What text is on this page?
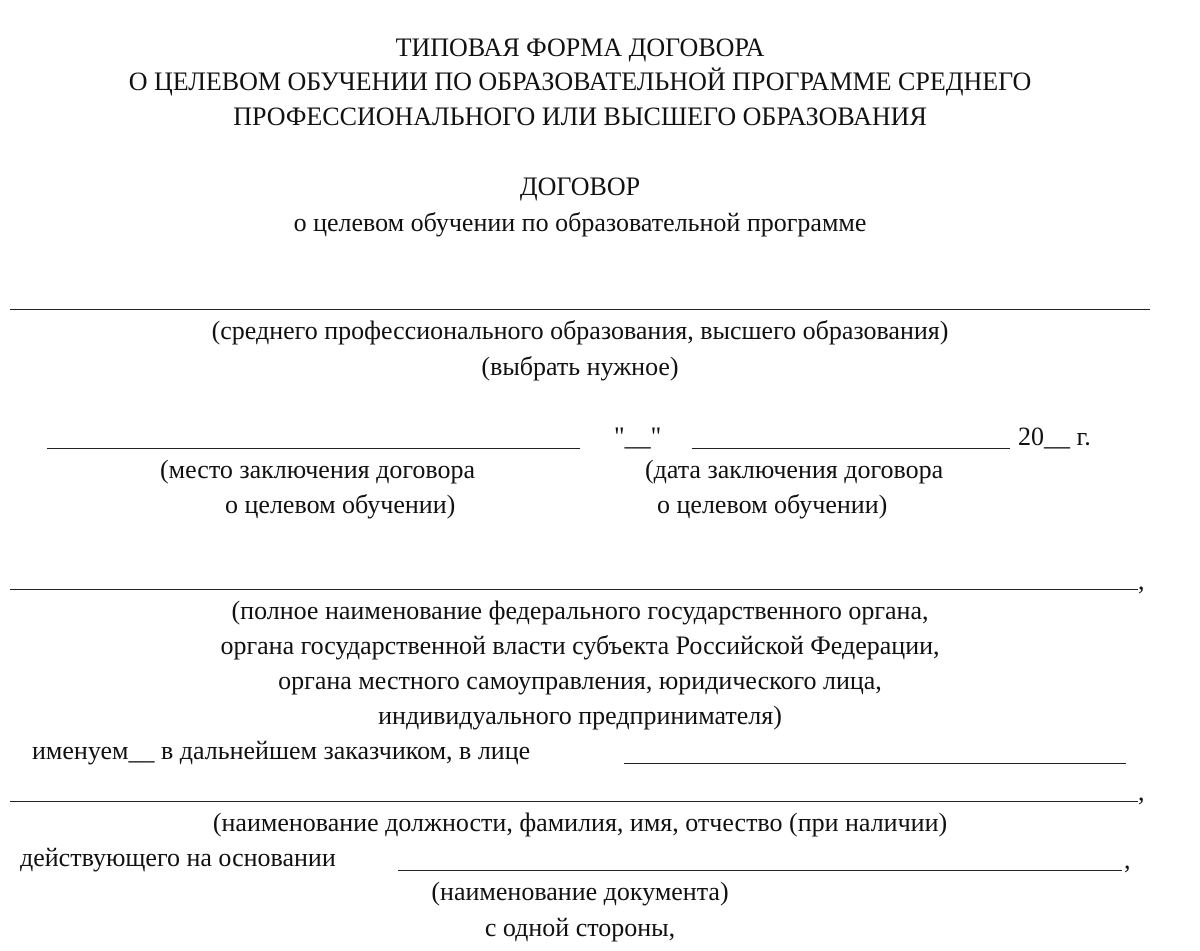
ТИПОВАЯ ФОРМА ДОГОВОРА
О ЦЕЛЕВОМ ОБУЧЕНИИ ПО ОБРАЗОВАТЕЛЬНОЙ ПРОГРАММЕ СРЕДНЕГО
ПРОФЕССИОНАЛЬНОГО ИЛИ ВЫСШЕГО ОБРАЗОВАНИЯ
ДОГОВОР
о целевом обучении по образовательной программе
(среднего профессионального образования, высшего образования)
(выбрать нужное)
"__"	20__ г.
(место заключения договора
о целевом обучении)
(дата заключения договора
о целевом обучении)
,
(полное наименование федерального государственного органа,
органа государственной власти субъекта Российской Федерации,
органа местного самоуправления, юридического лица,
индивидуального предпринимателя)
именуем__ в дальнейшем заказчиком, в лице
,
(наименование должности, фамилия, имя, отчество (при наличии)
действующего на основании	,
(наименование документа)
с одной стороны,
